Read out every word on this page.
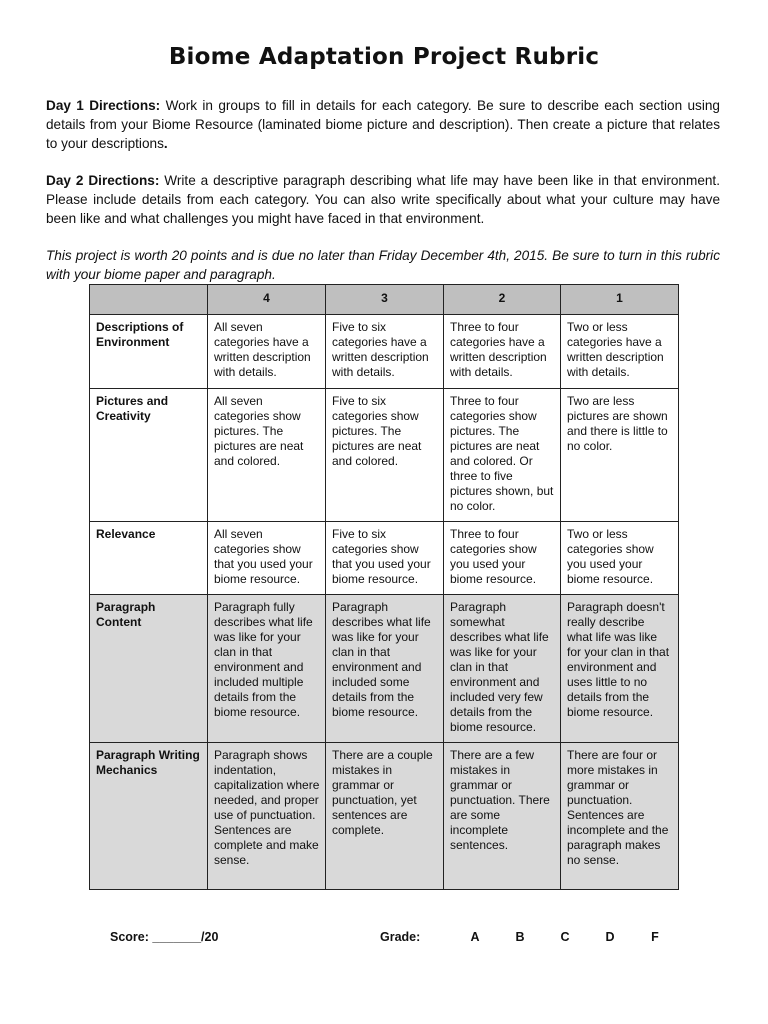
Biome Adaptation Project Rubric
Day 1 Directions: Work in groups to fill in details for each category. Be sure to describe each section using details from your Biome Resource (laminated biome picture and description). Then create a picture that relates to your descriptions.
Day 2 Directions: Write a descriptive paragraph describing what life may have been like in that environment. Please include details from each category. You can also write specifically about what your culture may have been like and what challenges you might have faced in that environment.
This project is worth 20 points and is due no later than Friday December 4th, 2015. Be sure to turn in this rubric with your biome paper and paragraph.
	4	3	2	1
Descriptions of Environment	All seven categories have a written description with details.	Five to six categories have a written description with details.	Three to four categories have a written description with details.	Two or less categories have a written description with details.
Pictures and Creativity	All seven categories show pictures. The pictures are neat and colored.	Five to six categories show pictures. The pictures are neat and colored.	Three to four categories show pictures. The pictures are neat and colored. Or three to five pictures shown, but no color.	Two are less pictures are shown and there is little to no color.
Relevance	All seven categories show that you used your biome resource.	Five to six categories show that you used your biome resource.	Three to four categories show you used your biome resource.	Two or less categories show you used your biome resource.
Paragraph Content	Paragraph fully describes what life was like for your clan in that environment and included multiple details from the biome resource.	Paragraph describes what life was like for your clan in that environment and included some details from the biome resource.	Paragraph somewhat describes what life was like for your clan in that environment and included very few details from the biome resource.	Paragraph doesn't really describe what life was like for your clan in that environment and uses little to no details from the biome resource.
Paragraph Writing Mechanics	Paragraph shows indentation, capitalization where needed, and proper use of punctuation. Sentences are complete and make sense.	There are a couple mistakes in grammar or punctuation, yet sentences are complete.	There are a few mistakes in grammar or punctuation. There are some incomplete sentences.	There are four or more mistakes in grammar or punctuation. Sentences are incomplete and the paragraph makes no sense.
Score: _______/20	Grade:	A	B	C	D	F
